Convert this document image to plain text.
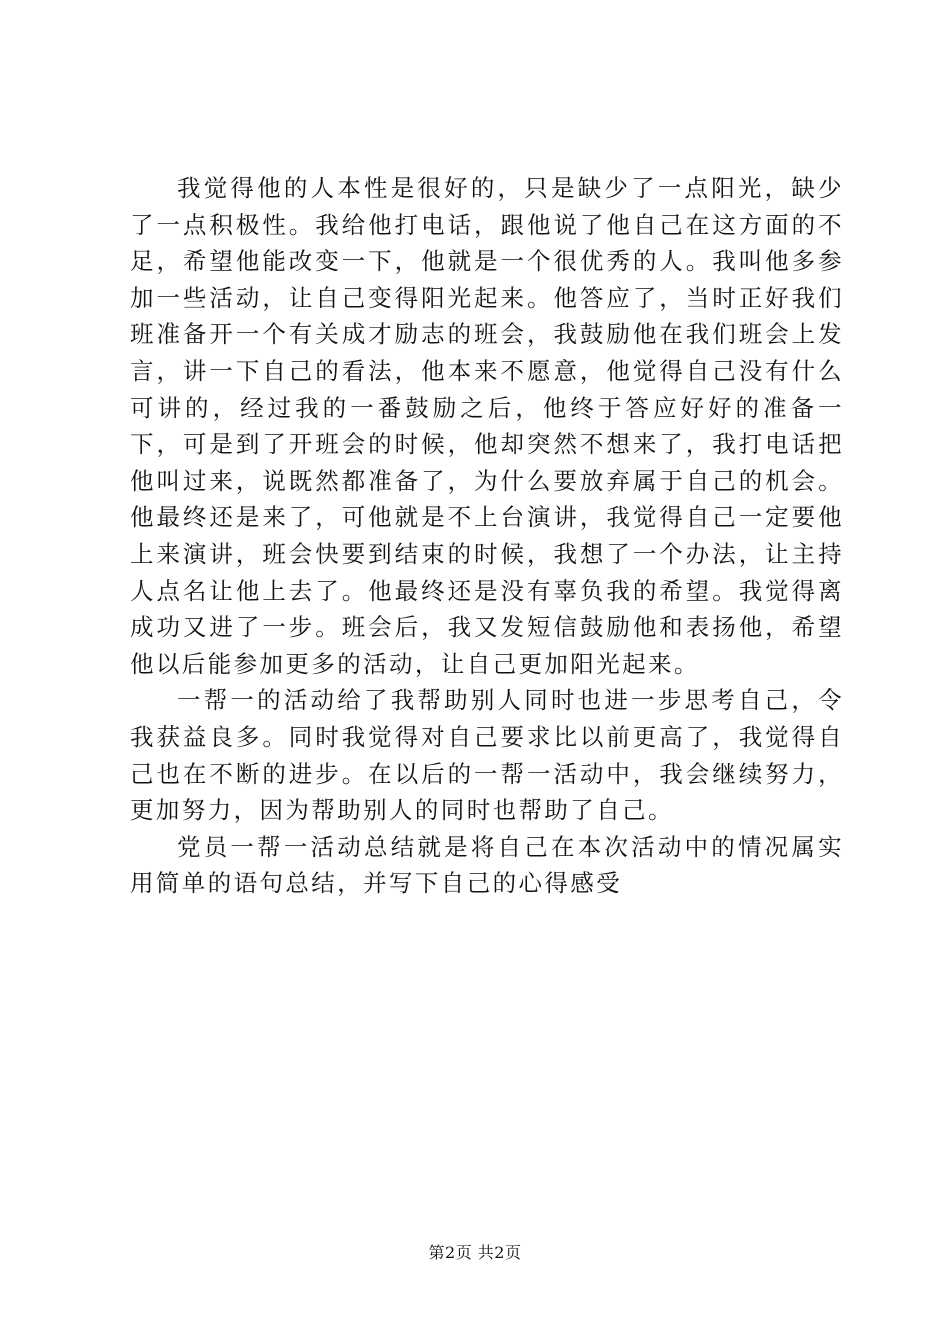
我觉得他的人本性是很好的，只是缺少了一点阳光，缺少了一点积极性。我给他打电话，跟他说了他自己在这方面的不足，希望他能改变一下，他就是一个很优秀的人。我叫他多参加一些活动，让自己变得阳光起来。他答应了，当时正好我们班准备开一个有关成才励志的班会，我鼓励他在我们班会上发言，讲一下自己的看法，他本来不愿意，他觉得自己没有什么可讲的，经过我的一番鼓励之后，他终于答应好好的准备一下，可是到了开班会的时候，他却突然不想来了，我打电话把他叫过来，说既然都准备了，为什么要放弃属于自己的机会。他最终还是来了，可他就是不上台演讲，我觉得自己一定要他上来演讲，班会快要到结束的时候，我想了一个办法，让主持人点名让他上去了。他最终还是没有辜负我的希望。我觉得离成功又进了一步。班会后，我又发短信鼓励他和表扬他，希望他以后能参加更多的活动，让自己更加阳光起来。

一帮一的活动给了我帮助别人同时也进一步思考自己，令我获益良多。同时我觉得对自己要求比以前更高了，我觉得自己也在不断的进步。在以后的一帮一活动中，我会继续努力，更加努力，因为帮助别人的同时也帮助了自己。

党员一帮一活动总结就是将自己在本次活动中的情况属实用简单的语句总结，并写下自己的心得感受

第2页 共2页
